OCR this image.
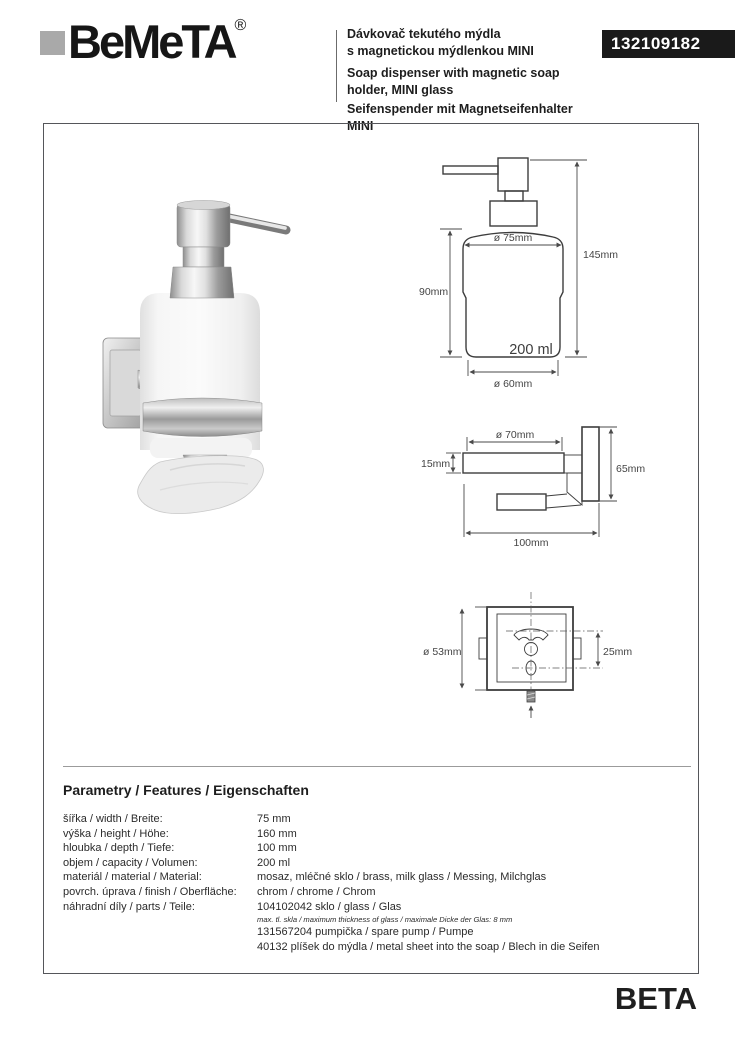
BeMeTA®	Dávkovač tekutého mýdla
s magnetickou mýdlenkou MINI
Soap dispenser with magnetic soap holder, MINI glass
Seifenspender mit Magnetseifenhalter MINI
132109182
ø 75mm
90mm
145mm
200 ml
ø 60mm
ø 70mm
15mm	65mm
100mm
ø 53mm	25mm
Parametry / Features / Eigenschaften
šířka / width / Breite:	75 mm
výška / height / Höhe:	160 mm
hloubka / depth / Tiefe:	100 mm
objem / capacity / Volumen:	200 ml
materiál / material / Material:	mosaz, mléčné sklo / brass, milk glass / Messing, Milchglas
povrch. úprava / finish / Oberfläche:	chrom / chrome / Chrom
náhradní díly / parts / Teile:	104102042 sklo / glass / Glas
max. tl. skla / maximum thickness of glass / maximale Dicke der Glas: 8 mm
131567204 pumpička / spare pump / Pumpe
40132 plíšek do mýdla / metal sheet into the soap / Blech in die Seifen
BETA
